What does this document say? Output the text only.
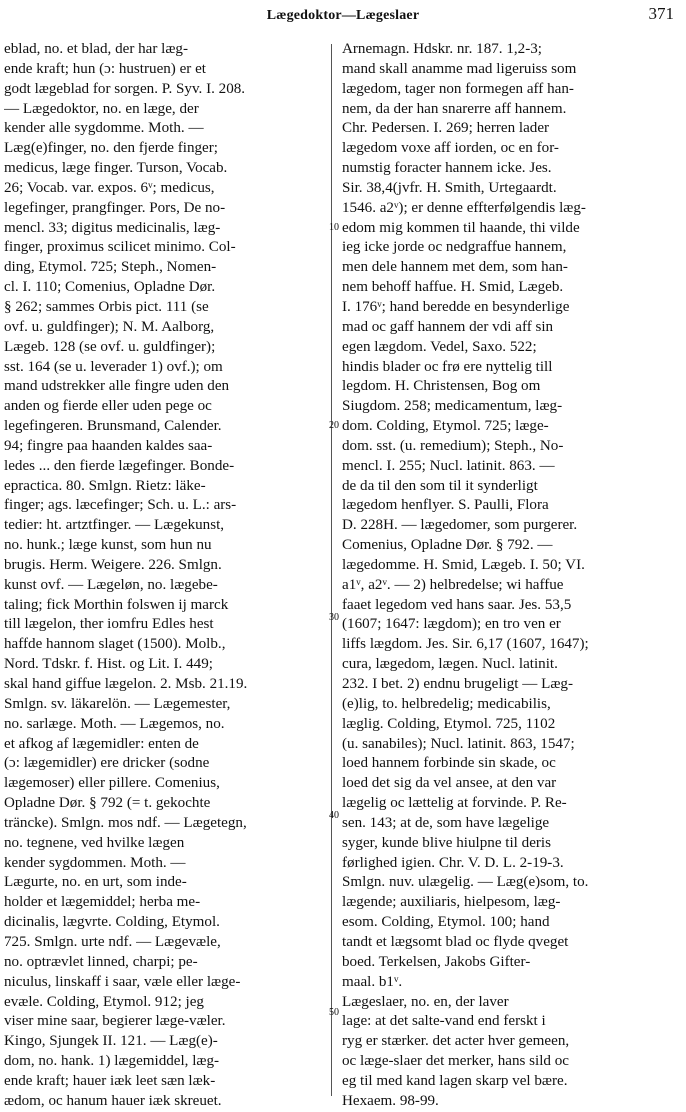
Lægedoktor—Lægeslaer	371
10
20
30
40
50
eblad, no. et blad, der har læg-
ende kraft; hun (ɔ: hustruen) er et
godt lægeblad for sorgen. P. Syv. I. 208.
— Lægedoktor, no. en læge, der
kender alle sygdomme. Moth. —
Læg(e)finger, no. den fjerde finger;
medicus, læge finger. Turson, Vocab.
26; Vocab. var. expos. 6ᵛ; medicus,
legefinger, prangfinger. Pors, De no-
mencl. 33; digitus medicinalis, læg-
finger, proximus scilicet minimo. Col-
ding, Etymol. 725; Steph., Nomen-
cl. I. 110; Comenius, Opladne Dør.
§ 262; sammes Orbis pict. 111 (se
ovf. u. guldfinger); N. M. Aalborg,
Lægeb. 128 (se ovf. u. guldfinger);
sst. 164 (se u. leverader 1) ovf.); om
mand udstrekker alle fingre uden den
anden og fierde eller uden pege oc
legefingeren. Brunsmand, Calender.
94; fingre paa haanden kaldes saa-
ledes ... den fierde lægefinger. Bonde-
epractica. 80. Smlgn. Rietz: läke-
finger; ags. læcefinger; Sch. u. L.: ars-
tedier: ht. artztfinger. — Lægekunst,
no. hunk.; læge kunst, som hun nu
brugis. Herm. Weigere. 226. Smlgn.
kunst ovf. — Lægeløn, no. lægebe-
taling; fick Morthin folswen ij marck
till lægelon, ther iomfru Edles hest
haffde hannom slaget (1500). Molb.,
Nord. Tdskr. f. Hist. og Lit. I. 449;
skal hand giffue lægelon. 2. Msb. 21.19.
Smlgn. sv. läkarelön. — Lægemester,
no. sarlæge. Moth. — Lægemos, no.
et afkog af lægemidler: enten de
(ɔ: lægemidler) ere dricker (sodne
lægemoser) eller pillere. Comenius,
Opladne Dør. § 792 (= t. gekochte
träncke). Smlgn. mos ndf. — Lægetegn,
no. tegnene, ved hvilke lægen
kender sygdommen. Moth. —
Lægurte, no. en urt, som inde-
holder et lægemiddel; herba me-
dicinalis, lægvrte. Colding, Etymol.
725. Smlgn. urte ndf. — Lægevæle,
no. optrævlet linned, charpi; pe-
niculus, linskaff i saar, væle eller læge-
evæle. Colding, Etymol. 912; jeg
viser mine saar, begierer læge-væler.
Kingo, Sjungek II. 121. — Læg(e)-
dom, no. hank. 1) lægemiddel, læg-
ende kraft; hauer iæk leet sæn læk-
ædom, oc hanum hauer iæk skreuet.
Arnemagn. Hdskr. nr. 187. 1,2-3;
mand skall anamme mad ligeruiss som
lægedom, tager non formegen aff han-
nem, da der han snarerre aff hannem.
Chr. Pedersen. I. 269; herren lader
lægedom voxe aff iorden, oc en for-
numstig foracter hannem icke. Jes.
Sir. 38,4(jvfr. H. Smith, Urtegaardt.
1546. a2ᵛ); er denne effterfølgendis læg-
edom mig kommen til haande, thi vilde
ieg icke jorde oc nedgraffue hannem,
men dele hannem met dem, som han-
nem behoff haffue. H. Smid, Lægeb.
I. 176ᵛ; hand beredde en besynderlige
mad oc gaff hannem der vdi aff sin
egen lægdom. Vedel, Saxo. 522;
hindis blader oc frø ere nyttelig till
legdom. H. Christensen, Bog om
Siugdom. 258; medicamentum, læg-
dom. Colding, Etymol. 725; læge-
dom. sst. (u. remedium); Steph., No-
mencl. I. 255; Nucl. latinit. 863. —
de da til den som til it synderligt
lægedom henflyer. S. Paulli, Flora
D. 228H. — lægedomer, som purgerer.
Comenius, Opladne Dør. § 792. —
lægedomme. H. Smid, Lægeb. I. 50; VI.
a1ᵛ, a2ᵛ. — 2) helbredelse; wi haffue
faaet legedom ved hans saar. Jes. 53,5
(1607; 1647: lægdom); en tro ven er
liffs lægdom. Jes. Sir. 6,17 (1607, 1647);
cura, lægedom, lægen. Nucl. latinit.
232. I bet. 2) endnu brugeligt — Læg-
(e)lig, to. helbredelig; medicabilis,
læglig. Colding, Etymol. 725, 1102
(u. sanabiles); Nucl. latinit. 863, 1547;
loed hannem forbinde sin skade, oc
loed det sig da vel ansee, at den var
lægelig oc lættelig at forvinde. P. Re-
sen. 143; at de, som have lægelige
syger, kunde blive hiulpne til deris
førlighed igien. Chr. V. D. L. 2-19-3.
Smlgn. nuv. ulægelig. — Læg(e)som, to.
lægende; auxiliaris, hielpesom, læg-
esom. Colding, Etymol. 100; hand
tandt et lægsomt blad oc flyde qveget
boed. Terkelsen, Jakobs Gifter-
maal. b1ᵛ.
Lægeslaer, no. en, der laver
lage: at det salte-vand end ferskt i
ryg er stærker. det acter hver gemeen,
oc læge-slaer det merker, hans sild oc
eg til med kand lagen skarp vel bære.
Hexaem. 98-99.
